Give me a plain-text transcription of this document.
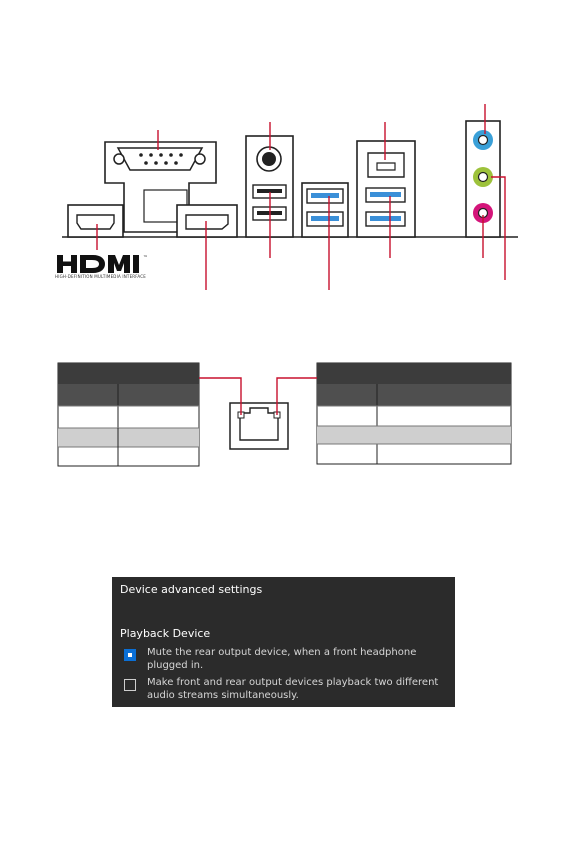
™
HIGH-DEFINITION MULTIMEDIA INTERFACE
Device advanced settings
Playback Device
Mute the rear output device, when a front headphone plugged in.
Make front and rear output devices playback two different audio streams simultaneously.
